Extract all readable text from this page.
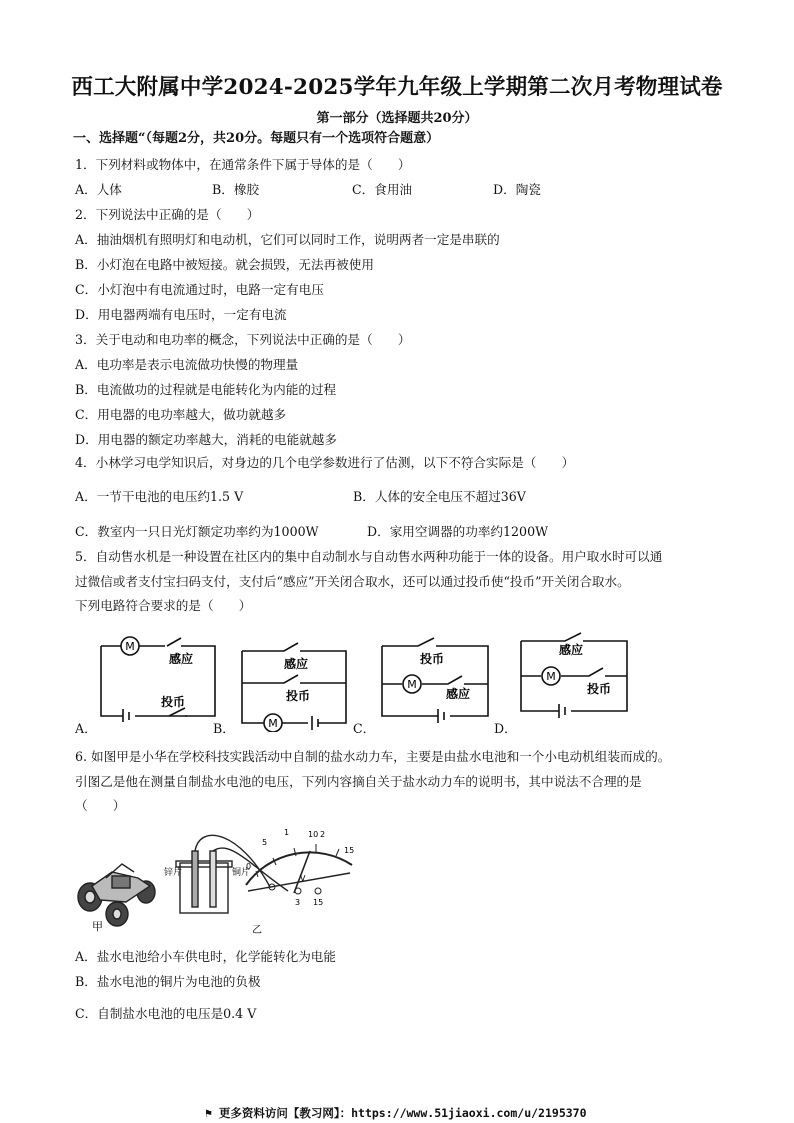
西工大附属中学2024-2025学年九年级上学期第二次月考物理试卷
第一部分（选择题共20分）
一、选择题“（每题2分，共20分。每题只有一个选项符合题意）
1．下列材料或物体中，在通常条件下属于导体的是（　　）
A．人体	B．橡胶	C．食用油	D．陶瓷
2．下列说法中正确的是（　　）
A．抽油烟机有照明灯和电动机，它们可以同时工作，说明两者一定是串联的
B．小灯泡在电路中被短接。就会损毁，无法再被使用
C．小灯泡中有电流通过时，电路一定有电压
D．用电器两端有电压时，一定有电流
3．关于电动和电功率的概念，下列说法中正确的是（　　）
A．电功率是表示电流做功快慢的物理量
B．电流做功的过程就是电能转化为内能的过程
C．用电器的电功率越大，做功就越多
D．用电器的额定功率越大，消耗的电能就越多
4．小林学习电学知识后，对身边的几个电学参数进行了估测，以下不符合实际是（　　）
A．一节干电池的电压约1.5 V	B．人体的安全电压不超过36V
C．教室内一只日光灯额定功率约为1000W	D．家用空调器的功率约1200W
5．自动售水机是一种设置在社区内的集中自动制水与自动售水两种功能于一体的设备。用户取水时可以通
过微信或者支付宝扫码支付，支付后“感应”开关闭合取水，还可以通过投币使“投币”开关闭合取水。
下列电路符合要求的是（　　）
A．	B．	C．	D．
M
感应
投币
感应
投币
M
投币
感应
M
感应
投币
M
6. 如图甲是小华在学校科技实践活动中自制的盐水动力车，主要是由盐水电池和一个小电动机组装而成的。
引图乙是他在测量自制盐水电池的电压，下列内容摘自关于盐水动力车的说明书，其中说法不合理的是
（　　）
甲
1	2
0
5
10
15
V
3 15
锌片	铜片
乙
A．盐水电池给小车供电时，化学能转化为电能
B．盐水电池的铜片为电池的负极
C．自制盐水电池的电压是0.4 V
⚑ 更多资料访问【教习网】：https://www.51jiaoxi.com/u/2195370
